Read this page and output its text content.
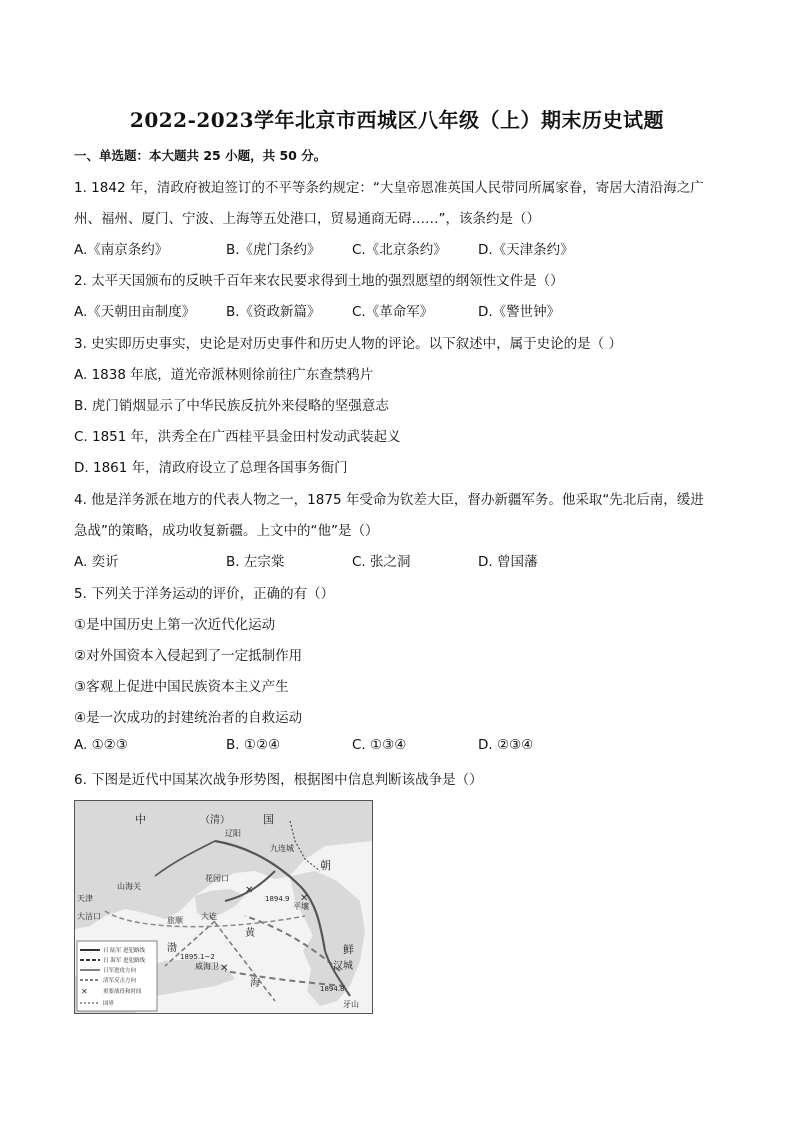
2022-2023学年北京市西城区八年级（上）期末历史试题
一、单选题：本大题共 25 小题，共 50 分。
1. 1842 年，清政府被迫签订的不平等条约规定：“大皇帝恩准英国人民带同所属家眷，寄居大清沿海之广
州、福州、厦门、宁波、上海等五处港口，贸易通商无碍……”，该条约是（）
A.《南京条约》	B.《虎门条约》 C.《北京条约》 D.《天津条约》
2. 太平天国颁布的反映千百年来农民要求得到土地的强烈愿望的纲领性文件是（）
A.《天朝田亩制度》 B.《资政新篇》 C.《革命军》	D.《警世钟》
3. 史实即历史事实，史论是对历史事件和历史人物的评论。以下叙述中，属于史论的是（ ）
A. 1838 年底，道光帝派林则徐前往广东查禁鸦片
B. 虎门销烟显示了中华民族反抗外来侵略的坚强意志
C. 1851 年，洪秀全在广西桂平县金田村发动武装起义
D. 1861 年，清政府设立了总理各国事务衙门
4. 他是洋务派在地方的代表人物之一，1875 年受命为钦差大臣，督办新疆军务。他采取“先北后南，缓进
急战”的策略，成功收复新疆。上文中的“他”是（）
A. 奕䜣	B. 左宗棠	C. 张之洞	D. 曾国藩
5. 下列关于洋务运动的评价，正确的有（）
①是中国历史上第一次近代化运动
②对外国资本入侵起到了一定抵制作用
③客观上促进中国民族资本主义产生
④是一次成功的封建统治者的自救运动
A. ①②③	B. ①②④	C. ①③④	D. ②③④
6. 下图是近代中国某次战争形势图，根据图中信息判断该战争是（）
中	（清）	国
辽阳
九连城
朝
鲜
汉城
天津
大沽口
山海关
花园口
旅顺 大连
威海卫
渤
黄
海
平壤
牙山
1894.9
1895.1~2
1894.8
✕
✕
✕
✕
日 陆军 进犯路线
日 海军 进犯路线
日军进攻方向
清军反击方向
重要战役和时间
国界
